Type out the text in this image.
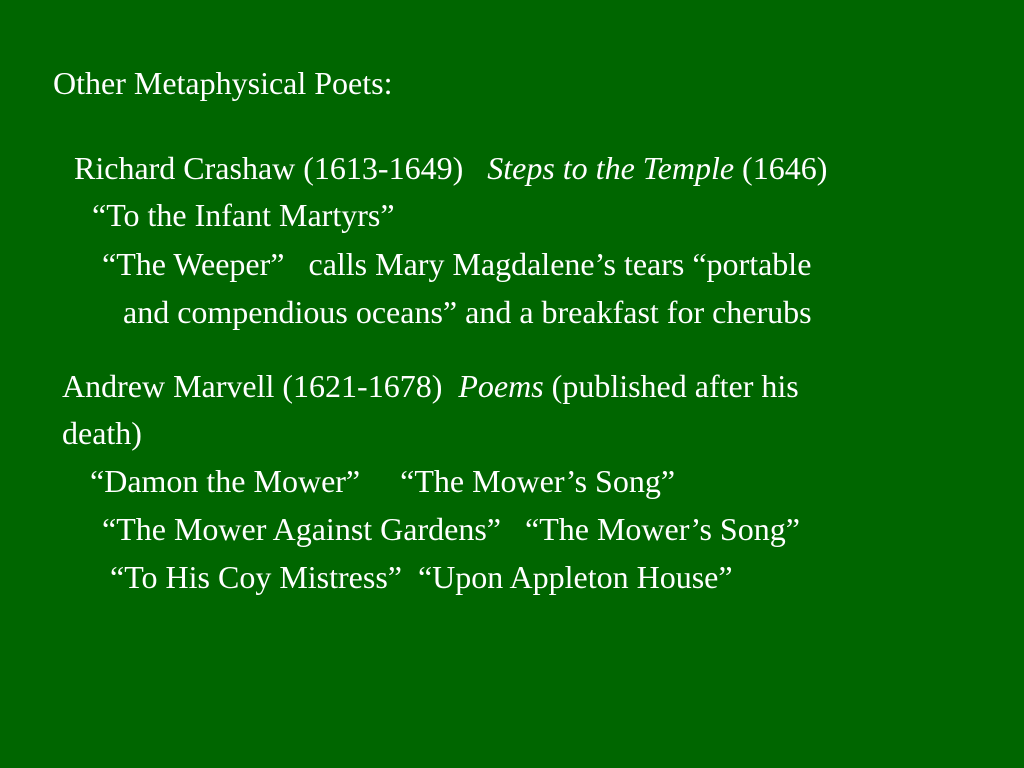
Other Metaphysical Poets:

Richard Crashaw (1613-1649) Steps to the Temple (1646)

“To the Infant Martyrs”

“The Weeper” calls Mary Magdalene’s tears “portable

and compendious oceans” and a breakfast for cherubs

Andrew Marvell (1621-1678) Poems (published after his

death)

“Damon the Mower” “The Mower’s Song”

“The Mower Against Gardens” “The Mower’s Song”

“To His Coy Mistress” “Upon Appleton House”
